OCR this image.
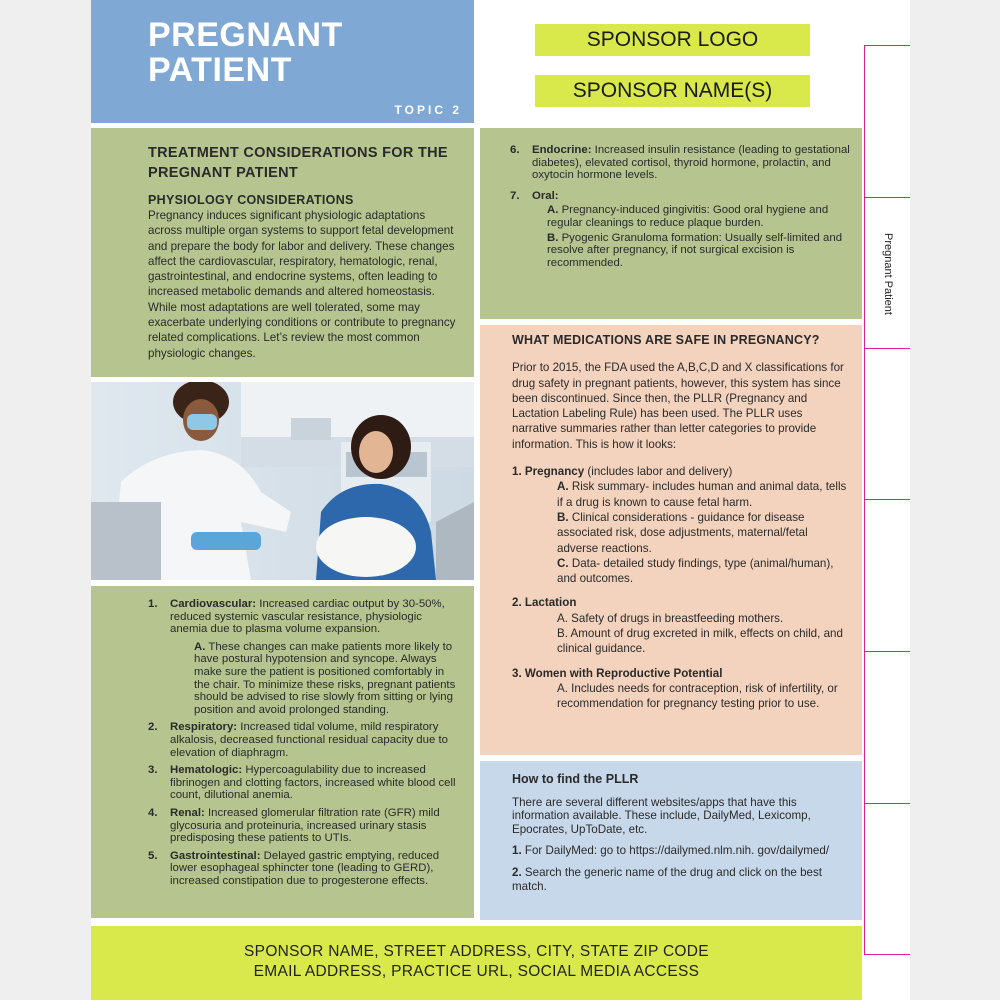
PREGNANT
PATIENT
TOPIC 2
SPONSOR LOGO
SPONSOR NAME(S)
Pregnant Patient
TREATMENT CONSIDERATIONS FOR THE PREGNANT PATIENT
PHYSIOLOGY CONSIDERATIONS

Pregnancy induces significant physiologic adaptations across multiple organ systems to support fetal development and prepare the body for labor and delivery. These changes affect the cardiovascular, respiratory, hematologic, renal, gastrointestinal, and endocrine systems, often leading to increased metabolic demands and altered homeostasis. While most adaptations are well tolerated, some may exacerbate underlying conditions or contribute to pregnancy related complications. Let’s review the most common physiologic changes.

1. Cardiovascular: Increased cardiac output by 30-50%, reduced systemic vascular resistance, physiologic anemia due to plasma volume expansion.
A. These changes can make patients more likely to have postural hypotension and syncope. Always make sure the patient is positioned comfortably in the chair. To minimize these risks, pregnant patients should be advised to rise slowly from sitting or lying position and avoid prolonged standing.
2. Respiratory: Increased tidal volume, mild respiratory alkalosis, decreased functional residual capacity due to elevation of diaphragm.
3. Hematologic: Hypercoagulability due to increased fibrinogen and clotting factors, increased white blood cell count, dilutional anemia.
4. Renal: Increased glomerular filtration rate (GFR) mild glycosuria and proteinuria, increased urinary stasis predisposing these patients to UTIs.
5. Gastrointestinal: Delayed gastric emptying, reduced lower esophageal sphincter tone (leading to GERD), increased constipation due to progesterone effects.
6. Endocrine: Increased insulin resistance (leading to gestational diabetes), elevated cortisol, thyroid hormone, prolactin, and oxytocin hormone levels.
7. Oral:
A. Pregnancy-induced gingivitis: Good oral hygiene and regular cleanings to reduce plaque burden.
B. Pyogenic Granuloma formation: Usually self-limited and resolve after pregnancy, if not surgical excision is recommended.
WHAT MEDICATIONS ARE SAFE IN PREGNANCY?

Prior to 2015, the FDA used the A,B,C,D and X classifications for drug safety in pregnant patients, however, this system has since been discontinued. Since then, the PLLR (Pregnancy and Lactation Labeling Rule) has been used. The PLLR uses narrative summaries rather than letter categories to provide information. This is how it looks:

1. Pregnancy (includes labor and delivery)
A. Risk summary- includes human and animal data, tells if a drug is known to cause fetal harm.
B. Clinical considerations - guidance for disease associated risk, dose adjustments, maternal/fetal adverse reactions.
C. Data- detailed study findings, type (animal/human), and outcomes.
2. Lactation
A. Safety of drugs in breastfeeding mothers.
B. Amount of drug excreted in milk, effects on child, and clinical guidance.
3. Women with Reproductive Potential
A. Includes needs for contraception, risk of infertility, or recommendation for pregnancy testing prior to use.
How to find the PLLR

There are several different websites/apps that have this information available. These include, DailyMed, Lexicomp, Epocrates, UpToDate, etc.

1. For DailyMed: go to https://dailymed.nlm.nih. gov/dailymed/

2. Search the generic name of the drug and click on the best match.

SPONSOR NAME, STREET ADDRESS, CITY, STATE ZIP CODE
EMAIL ADDRESS, PRACTICE URL, SOCIAL MEDIA ACCESS
